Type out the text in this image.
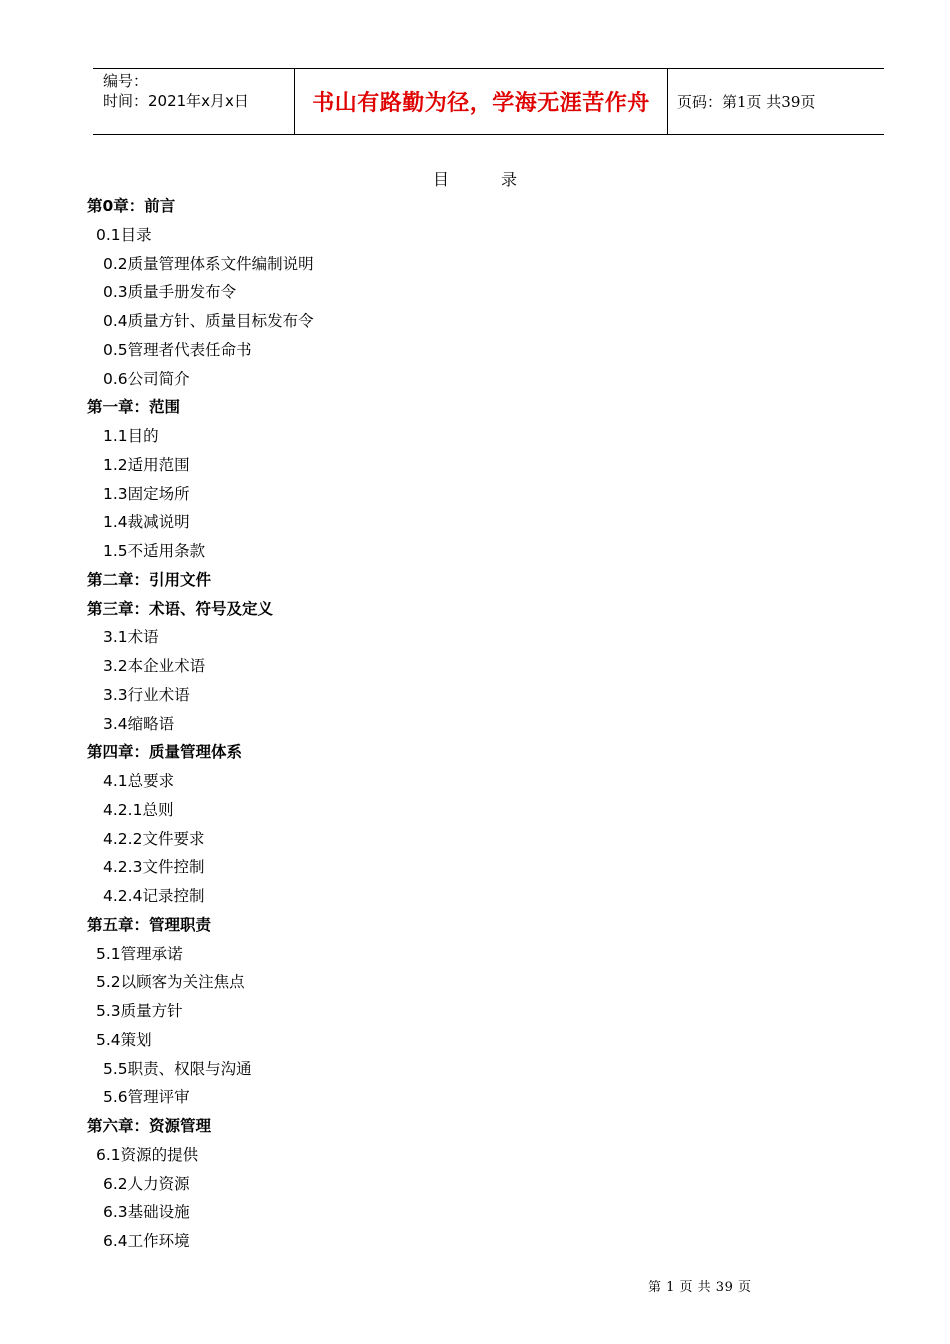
编号：
时间：2021年x月x日	书山有路勤为径，学海无涯苦作舟 页码：第1页 共39页
目	录
第0章：前言
0.1目录
0.2质量管理体系文件编制说明
0.3质量手册发布令
0.4质量方针、质量目标发布令
0.5管理者代表任命书
0.6公司简介
第一章：范围
1.1目的
1.2适用范围
1.3固定场所
1.4裁减说明
1.5不适用条款
第二章：引用文件
第三章：术语、符号及定义
3.1术语
3.2本企业术语
3.3行业术语
3.4缩略语
第四章：质量管理体系
4.1总要求
4.2.1总则
4.2.2文件要求
4.2.3文件控制
4.2.4记录控制
第五章：管理职责
5.1管理承诺
5.2以顾客为关注焦点
5.3质量方针
5.4策划
5.5职责、权限与沟通
5.6管理评审
第六章：资源管理
6.1资源的提供
6.2人力资源
6.3基础设施
6.4工作环境
第 1 页 共 39 页
